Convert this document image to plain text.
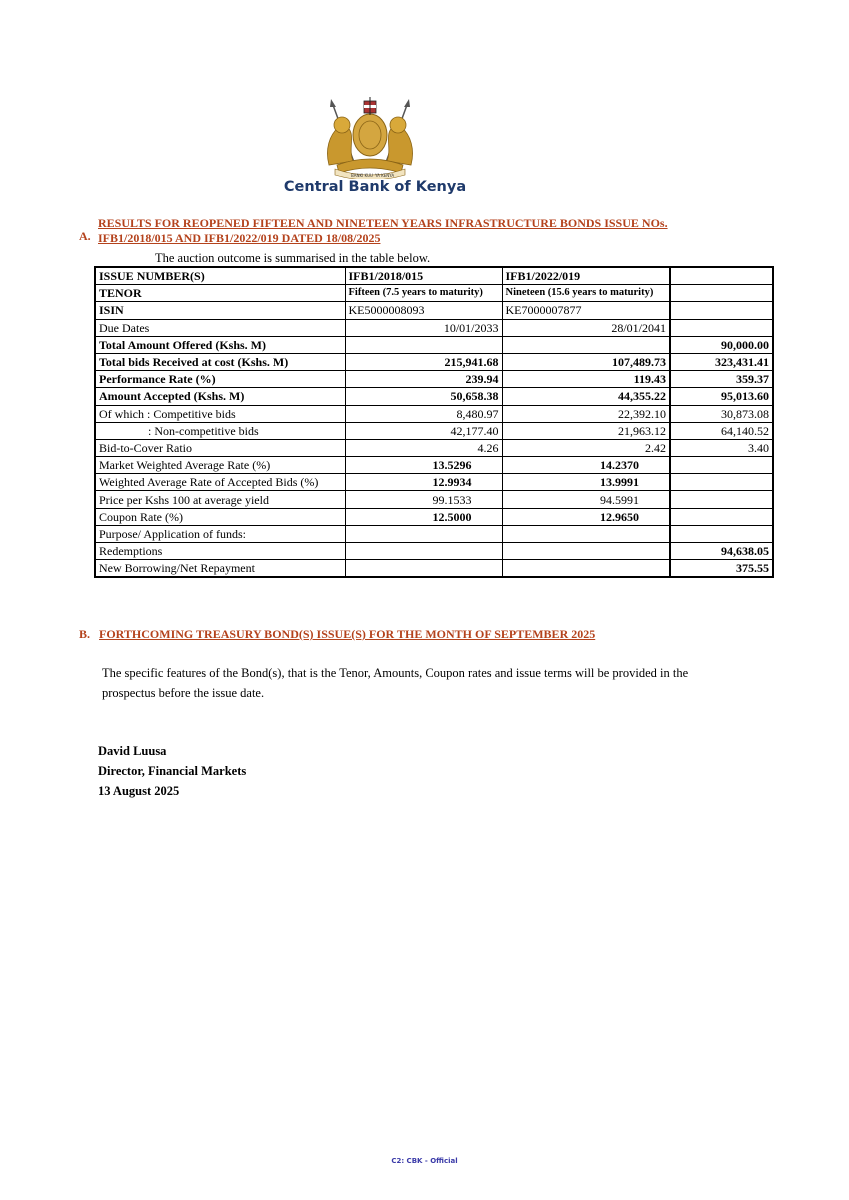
BANKI KUU YA KENYA
Central Bank of Kenya
A.
RESULTS FOR REOPENED FIFTEEN AND NINETEEN YEARS INFRASTRUCTURE BONDS ISSUE NOs.
IFB1/2018/015 AND IFB1/2022/019 DATED 18/08/2025
The auction outcome is summarised in the table below.
ISSUE NUMBER(S)	IFB1/2018/015	IFB1/2022/019	
TENOR	Fifteen (7.5 years to maturity)	Nineteen (15.6 years to maturity)	
ISIN	KE5000008093	KE7000007877	
Due Dates	10/01/2033	28/01/2041	
Total Amount Offered (Kshs. M)			90,000.00
Total bids Received at cost (Kshs. M)	215,941.68	107,489.73	323,431.41
Performance Rate (%)	239.94	119.43	359.37
Amount Accepted (Kshs. M)	50,658.38	44,355.22	95,013.60
Of which : Competitive bids	8,480.97	22,392.10	30,873.08
: Non-competitive bids	42,177.40	21,963.12	64,140.52
Bid-to-Cover Ratio	4.26	2.42	3.40
Market Weighted Average Rate (%)	13.5296	14.2370	
Weighted Average Rate of Accepted Bids (%)	12.9934	13.9991	
Price per Kshs 100 at average yield	99.1533	94.5991	
Coupon Rate (%)	12.5000	12.9650	
Purpose/ Application of funds:			
Redemptions			94,638.05
New Borrowing/Net Repayment			375.55
B. FORTHCOMING TREASURY BOND(S) ISSUE(S) FOR THE MONTH OF SEPTEMBER 2025
The specific features of the Bond(s), that is the Tenor, Amounts, Coupon rates and issue terms will be provided in the prospectus before the issue date.
David Luusa
Director, Financial Markets
13 August 2025
C2: CBK - Official
